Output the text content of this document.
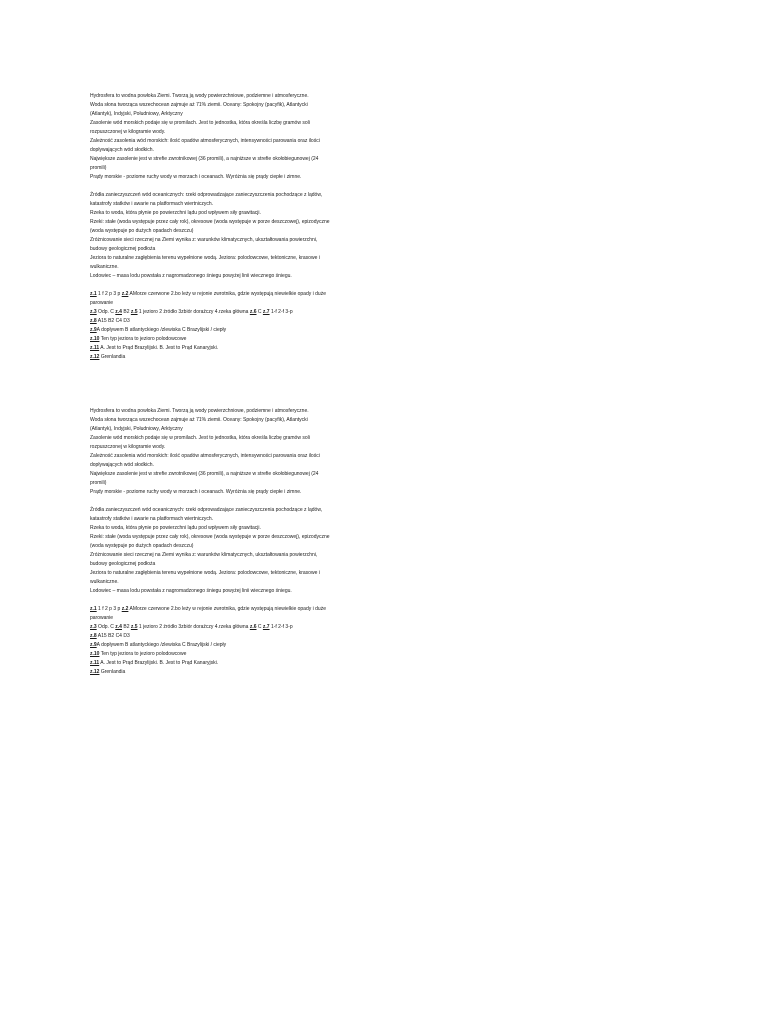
Hydrosfera to wodna powłoka Ziemi. Tworzą ją wody powierzchniowe, podziemne i atmosferyczne.

Woda słona tworząca wszechocean zajmuje aż 71% ziemii. Oceany: Spokojny (pacyfik), Atlantycki (Atlantyk), Indyjski, Południowy, Arktyczny

Zasolenie wód morskich podaje się w promilach. Jest to jednostka, która określa liczbę gramów soli rozpuszczonej w kilogramie wody.

Zależność zasolenia wód morskich: ilość opadów atmosferycznych, intensywności parowania oraz ilości dopływających wód słodkich.

Największe zasolenie jest w strefie zwrotnikowej (36 promili), a najniższe w strefie okołobiegunowej (24 promili)

Prądy morskie - poziome ruchy wody w morzach i oceanach. Wyróżnia się prądy ciepłe i zimne.

Źródła zanieczyszczeń wód oceanicznych: rzeki odprowadzające zanieczyszczenia pochodzące z lądów, katastrofy statków i awarie na platformach wiertniczych.

Rzeka to woda, która płynie po powierzchni lądu pod wpływem siły grawitacji.

Rzeki: stałe (woda występuje przez cały rok), okresowe (woda występuje w porze deszczowej), epizodyczne (woda występuje po dużych opadach deszczu)

Zróżnicowanie sieci rzecznej na Ziemi wynika z: warunków klimatycznych, ukształtowania powierzchni, budowy geologicznej podłoża

Jeziora to naturalne zagłębienia terenu wypełnione wodą. Jeziora: polodowcowe, tektoniczne, krasowe i wulkaniczne.

Lodowiec – masa lodu powstała z nagromadzonego śniegu powyżej linii wiecznego śniegu.

z.1 1 f 2 p 3 p z.2 AMorze czerwone 2.bo leży w rejonie zwrotnika, gdzie występują niewielkie opady i duże parowanie

z.3 Odp. C z.4 B2 z.5 1 jezioro 2 źródło 3zbiór doraźczy 4.rzeka główna z.6 C z.7 1-f 2-f 3-p

z.8 A15 B2 C4 D3

z.9A dopływem B atlantyckiego /zlewiska C Brazylijski / ciepły

z.10 Ten typ jeziora to jezioro polodowcowe

z.11 A. Jest to Prąd Brazylijski. B. Jest to Prąd Kanaryjski.

z.12 Grenlandia

Hydrosfera to wodna powłoka Ziemi. Tworzą ją wody powierzchniowe, podziemne i atmosferyczne.

Woda słona tworząca wszechocean zajmuje aż 71% ziemii. Oceany: Spokojny (pacyfik), Atlantycki (Atlantyk), Indyjski, Południowy, Arktyczny

Zasolenie wód morskich podaje się w promilach. Jest to jednostka, która określa liczbę gramów soli rozpuszczonej w kilogramie wody.

Zależność zasolenia wód morskich: ilość opadów atmosferycznych, intensywności parowania oraz ilości dopływających wód słodkich.

Największe zasolenie jest w strefie zwrotnikowej (36 promili), a najniższe w strefie okołobiegunowej (24 promili)

Prądy morskie - poziome ruchy wody w morzach i oceanach. Wyróżnia się prądy ciepłe i zimne.

Źródła zanieczyszczeń wód oceanicznych: rzeki odprowadzające zanieczyszczenia pochodzące z lądów, katastrofy statków i awarie na platformach wiertniczych.

Rzeka to woda, która płynie po powierzchni lądu pod wpływem siły grawitacji.

Rzeki: stałe (woda występuje przez cały rok), okresowe (woda występuje w porze deszczowej), epizodyczne (woda występuje po dużych opadach deszczu)

Zróżnicowanie sieci rzecznej na Ziemi wynika z: warunków klimatycznych, ukształtowania powierzchni, budowy geologicznej podłoża

Jeziora to naturalne zagłębienia terenu wypełnione wodą. Jeziora: polodowcowe, tektoniczne, krasowe i wulkaniczne.

Lodowiec – masa lodu powstała z nagromadzonego śniegu powyżej linii wiecznego śniegu.

z.1 1 f 2 p 3 p z.2 AMorze czerwone 2.bo leży w rejonie zwrotnika, gdzie występują niewielkie opady i duże parowanie

z.3 Odp. C z.4 B2 z.5 1 jezioro 2 źródło 3zbiór doraźczy 4.rzeka główna z.6 C z.7 1-f 2-f 3-p

z.8 A15 B2 C4 D3

z.9A dopływem B atlantyckiego /zlewiska C Brazylijski / ciepły

z.10 Ten typ jeziora to jezioro polodowcowe

z.11 A. Jest to Prąd Brazylijski. B. Jest to Prąd Kanaryjski.

z.12 Grenlandia
